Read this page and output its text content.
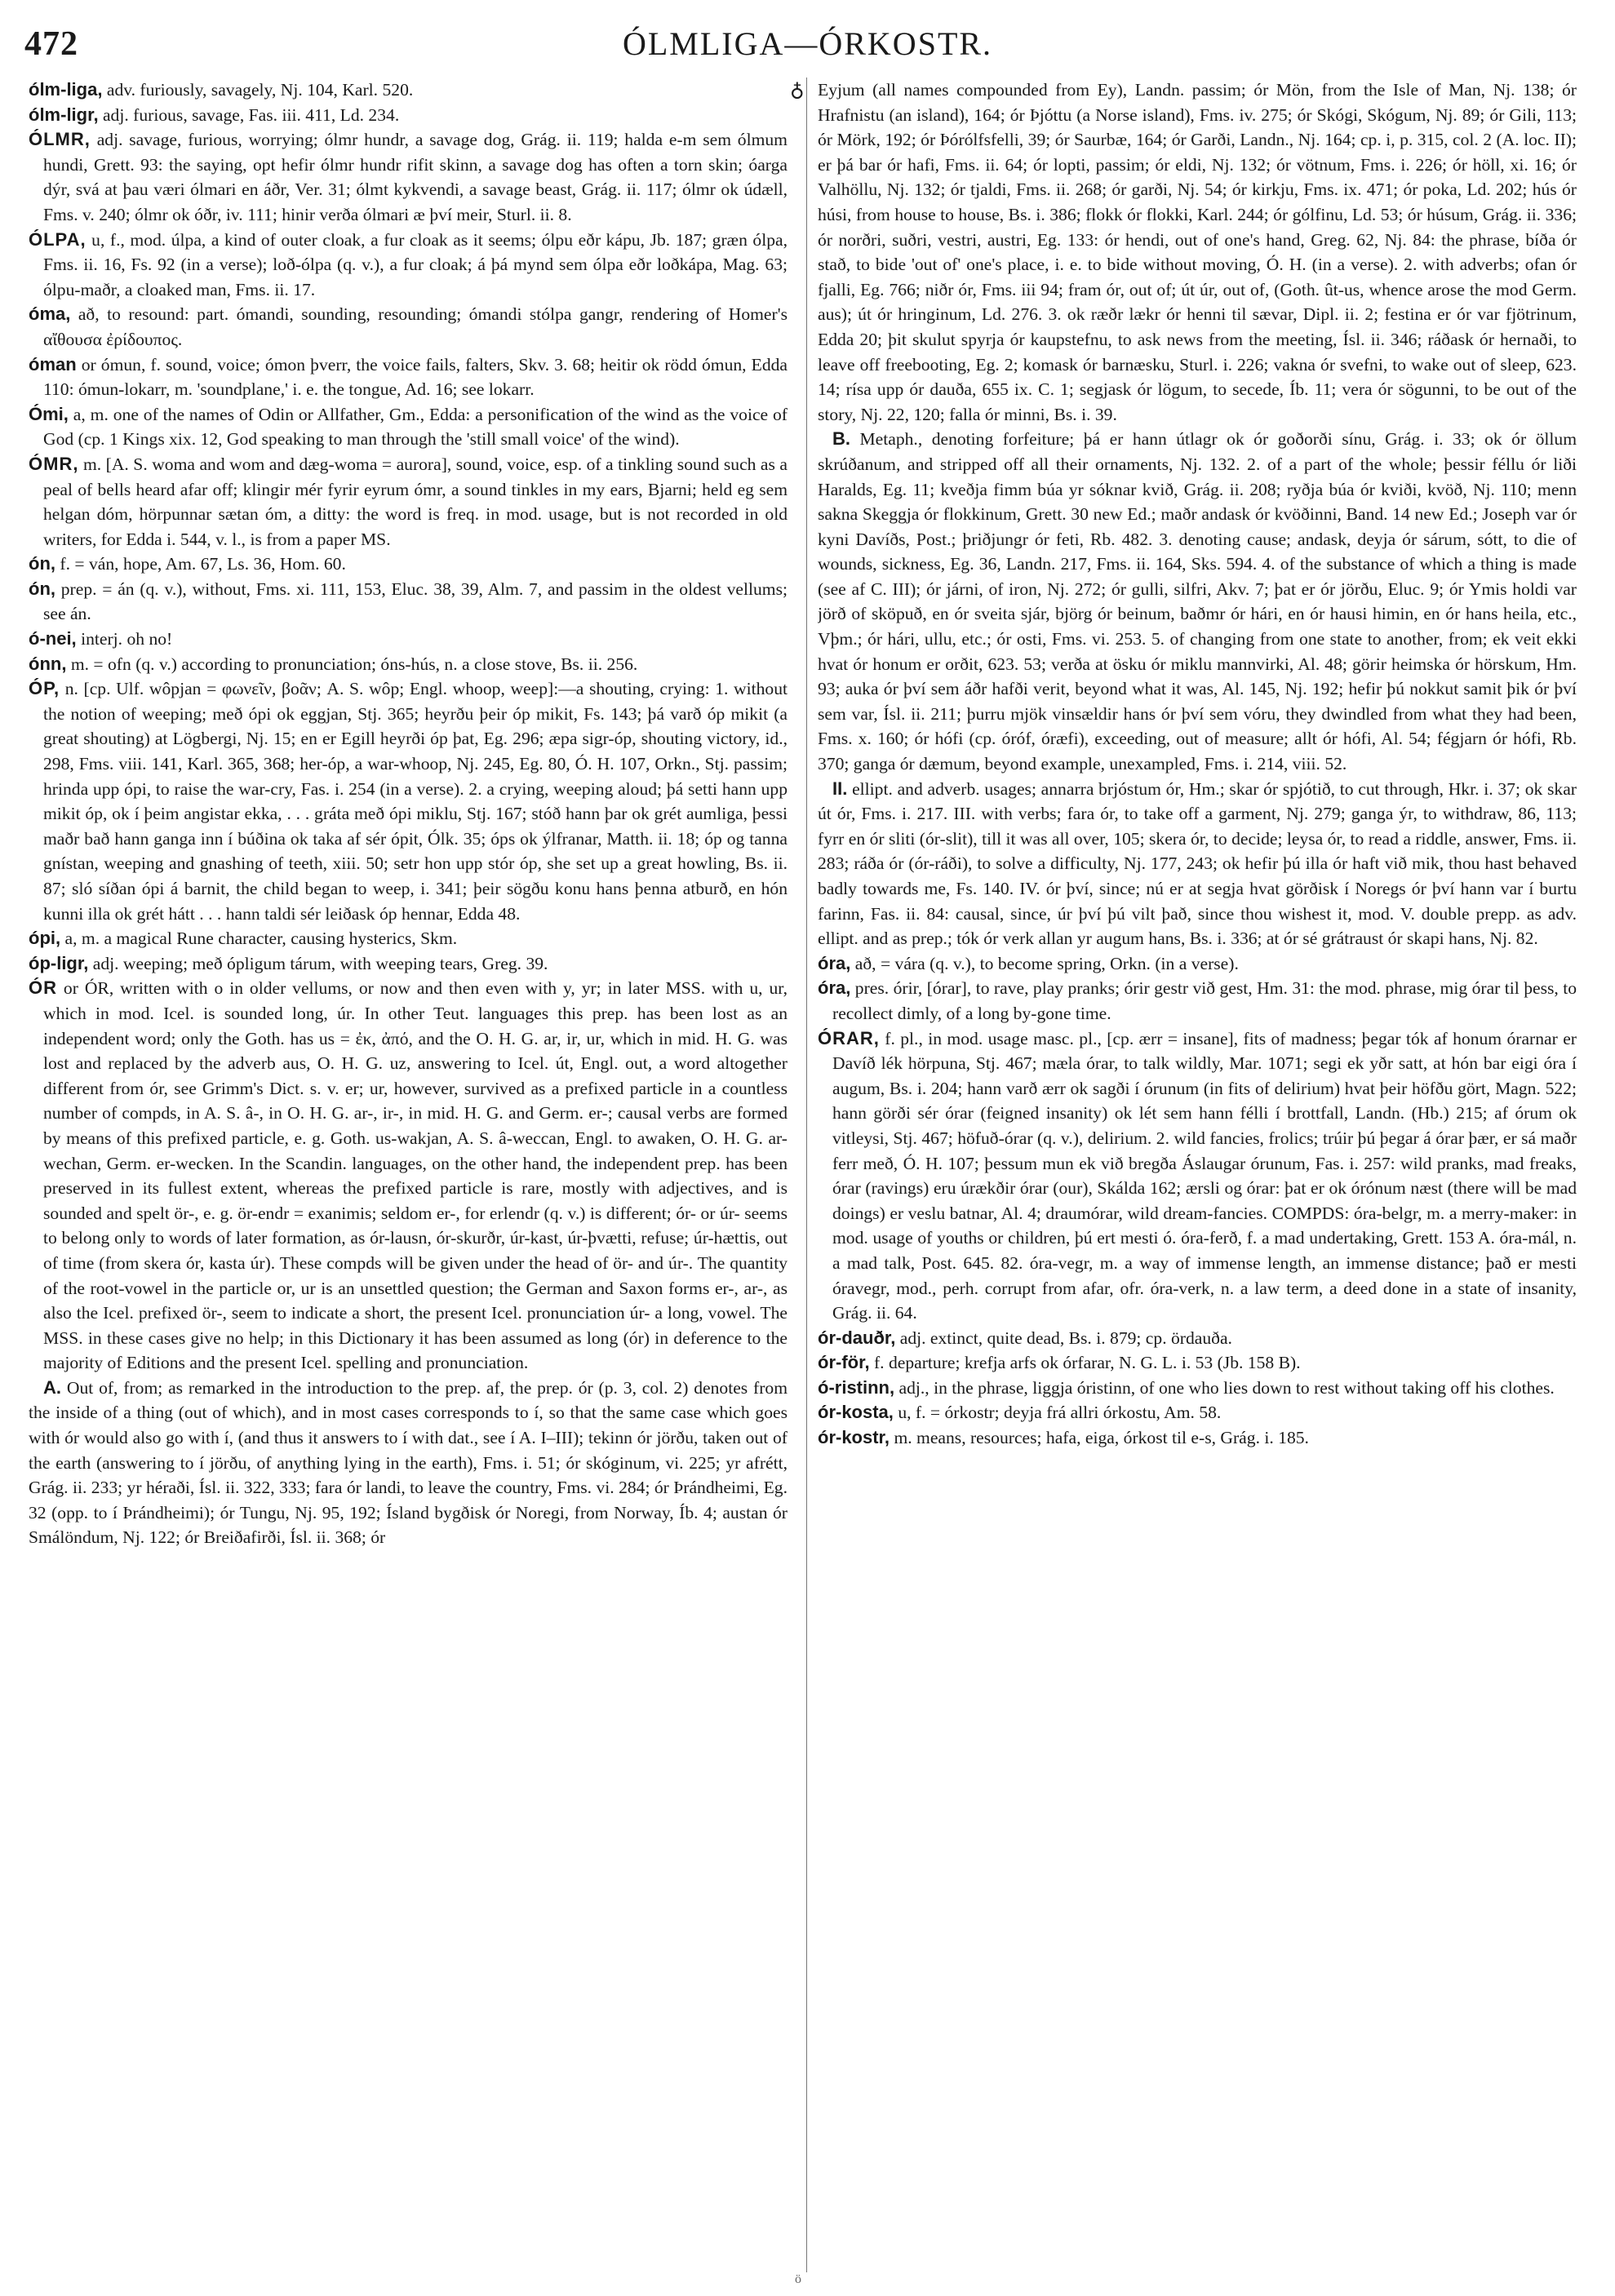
472	ÓLMLIGA—ÓRKOSTR.
♁

ólm-liga, adv. furiously, savagely, Nj. 104, Karl. 520.

ólm-ligr, adj. furious, savage, Fas. iii. 411, Ld. 234.

ÓLMR, adj. savage, furious, worrying; ólmr hundr, a savage dog, Grág. ii. 119; halda e-m sem ólmum hundi, Grett. 93: the saying, opt hefir ólmr hundr rifit skinn, a savage dog has often a torn skin; óarga dýr, svá at þau væri ólmari en áðr, Ver. 31; ólmt kykvendi, a savage beast, Grág. ii. 117; ólmr ok údæll, Fms. v. 240; ólmr ok óðr, iv. 111; hinir verða ólmari æ því meir, Sturl. ii. 8.

ÓLPA, u, f., mod. úlpa, a kind of outer cloak, a fur cloak as it seems; ólpu eðr kápu, Jb. 187; græn ólpa, Fms. ii. 16, Fs. 92 (in a verse); loð-ólpa (q. v.), a fur cloak; á þá mynd sem ólpa eðr loðkápa, Mag. 63; ólpu-maðr, a cloaked man, Fms. ii. 17.

óma, að, to resound: part. ómandi, sounding, resounding; ómandi stólpa gangr, rendering of Homer's αἴθουσα ἐρίδουπος.

óman or ómun, f. sound, voice; ómon þverr, the voice fails, falters, Skv. 3. 68; heitir ok rödd ómun, Edda 110: ómun-lokarr, m. 'soundplane,' i. e. the tongue, Ad. 16; see lokarr.

Ómi, a, m. one of the names of Odin or Allfather, Gm., Edda: a personification of the wind as the voice of God (cp. 1 Kings xix. 12, God speaking to man through the 'still small voice' of the wind).

ÓMR, m. [A. S. woma and wom and dæg-woma = aurora], sound, voice, esp. of a tinkling sound such as a peal of bells heard afar off; klingir mér fyrir eyrum ómr, a sound tinkles in my ears, Bjarni; held eg sem helgan dóm, hörpunnar sætan óm, a ditty: the word is freq. in mod. usage, but is not recorded in old writers, for Edda i. 544, v. l., is from a paper MS.

ón, f. = ván, hope, Am. 67, Ls. 36, Hom. 60.

ón, prep. = án (q. v.), without, Fms. xi. 111, 153, Eluc. 38, 39, Alm. 7, and passim in the oldest vellums; see án.

ó-nei, interj. oh no!

ónn, m. = ofn (q. v.) according to pronunciation; óns-hús, n. a close stove, Bs. ii. 256.

ÓP, n. [cp. Ulf. wôpjan = φωνεῖν, βοᾶν; A. S. wôp; Engl. whoop, weep]:—a shouting, crying: 1. without the notion of weeping; með ópi ok eggjan, Stj. 365; heyrðu þeir óp mikit, Fs. 143; þá varð óp mikit (a great shouting) at Lögbergi, Nj. 15; en er Egill heyrði óp þat, Eg. 296; æpa sigr-óp, shouting victory, id., 298, Fms. viii. 141, Karl. 365, 368; her-óp, a war-whoop, Nj. 245, Eg. 80, Ó. H. 107, Orkn., Stj. passim; hrinda upp ópi, to raise the war-cry, Fas. i. 254 (in a verse). 2. a crying, weeping aloud; þá setti hann upp mikit óp, ok í þeim angistar ekka, . . . gráta með ópi miklu, Stj. 167; stóð hann þar ok grét aumliga, þessi maðr bað hann ganga inn í búðina ok taka af sér ópit, Ólk. 35; óps ok ýlfranar, Matth. ii. 18; óp og tanna gnístan, weeping and gnashing of teeth, xiii. 50; setr hon upp stór óp, she set up a great howling, Bs. ii. 87; sló síðan ópi á barnit, the child began to weep, i. 341; þeir sögðu konu hans þenna atburð, en hón kunni illa ok grét hátt . . . hann taldi sér leiðask óp hennar, Edda 48.

ópi, a, m. a magical Rune character, causing hysterics, Skm.

óp-ligr, adj. weeping; með ópligum tárum, with weeping tears, Greg. 39.

ÓR or ÓR, written with o in older vellums, or now and then even with y, yr; in later MSS. with u, ur, which in mod. Icel. is sounded long, úr. In other Teut. languages this prep. has been lost as an independent word; only the Goth. has us = ἐκ, ἀπό, and the O. H. G. ar, ir, ur, which in mid. H. G. was lost and replaced by the adverb aus, O. H. G. uz, answering to Icel. út, Engl. out, a word altogether different from ór, see Grimm's Dict. s. v. er; ur, however, survived as a prefixed particle in a countless number of compds, in A. S. â-, in O. H. G. ar-, ir-, in mid. H. G. and Germ. er-; causal verbs are formed by means of this prefixed particle, e. g. Goth. us-wakjan, A. S. â-weccan, Engl. to awaken, O. H. G. ar-wechan, Germ. er-wecken. In the Scandin. languages, on the other hand, the independent prep. has been preserved in its fullest extent, whereas the prefixed particle is rare, mostly with adjectives, and is sounded and spelt ör-, e. g. ör-endr = exanimis; seldom er-, for erlendr (q. v.) is different; ór- or úr- seems to belong only to words of later formation, as ór-lausn, ór-skurðr, úr-kast, úr-þvætti, refuse; úr-hættis, out of time (from skera ór, kasta úr). These compds will be given under the head of ör- and úr-. The quantity of the root-vowel in the particle or, ur is an unsettled question; the German and Saxon forms er-, ar-, as also the Icel. prefixed ör-, seem to indicate a short, the present Icel. pronunciation úr- a long, vowel. The MSS. in these cases give no help; in this Dictionary it has been assumed as long (ór) in deference to the majority of Editions and the present Icel. spelling and pronunciation.

A. Out of, from; as remarked in the introduction to the prep. af, the prep. ór (p. 3, col. 2) denotes from the inside of a thing (out of which), and in most cases corresponds to í, so that the same case which goes with ór would also go with í, (and thus it answers to í with dat., see í A. I–III); tekinn ór jörðu, taken out of the earth (answering to í jörðu, of anything lying in the earth), Fms. i. 51; ór skóginum, vi. 225; yr afrétt, Grág. ii. 233; yr héraði, Ísl. ii. 322, 333; fara ór landi, to leave the country, Fms. vi. 284; ór Þrándheimi, Eg. 32 (opp. to í Þrándheimi); ór Tungu, Nj. 95, 192; Ísland bygðisk ór Noregi, from Norway, Íb. 4; austan ór Smálöndum, Nj. 122; ór Breiðafirði, Ísl. ii. 368; ór

Eyjum (all names compounded from Ey), Landn. passim; ór Mön, from the Isle of Man, Nj. 138; ór Hrafnistu (an island), 164; ór Þjóttu (a Norse island), Fms. iv. 275; ór Skógi, Skógum, Nj. 89; ór Gili, 113; ór Mörk, 192; ór Þórólfsfelli, 39; ór Saurbæ, 164; ór Garði, Landn., Nj. 164; cp. i, p. 315, col. 2 (A. loc. II); er þá bar ór hafi, Fms. ii. 64; ór lopti, passim; ór eldi, Nj. 132; ór vötnum, Fms. i. 226; ór höll, xi. 16; ór Valhöllu, Nj. 132; ór tjaldi, Fms. ii. 268; ór garði, Nj. 54; ór kirkju, Fms. ix. 471; ór poka, Ld. 202; hús ór húsi, from house to house, Bs. i. 386; flokk ór flokki, Karl. 244; ór gólfinu, Ld. 53; ór húsum, Grág. ii. 336; ór norðri, suðri, vestri, austri, Eg. 133: ór hendi, out of one's hand, Greg. 62, Nj. 84: the phrase, bíða ór stað, to bide 'out of' one's place, i. e. to bide without moving, Ó. H. (in a verse). 2. with adverbs; ofan ór fjalli, Eg. 766; niðr ór, Fms. iii 94; fram ór, out of; út úr, out of, (Goth. ût-us, whence arose the mod Germ. aus); út ór hringinum, Ld. 276. 3. ok ræðr lækr ór henni til sævar, Dipl. ii. 2; festina er ór var fjötrinum, Edda 20; þit skulut spyrja ór kaupstefnu, to ask news from the meeting, Ísl. ii. 346; ráðask ór hernaði, to leave off freebooting, Eg. 2; komask ór barnæsku, Sturl. i. 226; vakna ór svefni, to wake out of sleep, 623. 14; rísa upp ór dauða, 655 ix. C. 1; segjask ór lögum, to secede, Íb. 11; vera ór sögunni, to be out of the story, Nj. 22, 120; falla ór minni, Bs. i. 39.

B. Metaph., denoting forfeiture; þá er hann útlagr ok ór goðorði sínu, Grág. i. 33; ok ór öllum skrúðanum, and stripped off all their ornaments, Nj. 132. 2. of a part of the whole; þessir féllu ór liði Haralds, Eg. 11; kveðja fimm búa yr sóknar kvið, Grág. ii. 208; ryðja búa ór kviði, kvöð, Nj. 110; menn sakna Skeggja ór flokkinum, Grett. 30 new Ed.; maðr andask ór kvöðinni, Band. 14 new Ed.; Joseph var ór kyni Davíðs, Post.; þriðjungr ór feti, Rb. 482. 3. denoting cause; andask, deyja ór sárum, sótt, to die of wounds, sickness, Eg. 36, Landn. 217, Fms. ii. 164, Sks. 594. 4. of the substance of which a thing is made (see af C. III); ór járni, of iron, Nj. 272; ór gulli, silfri, Akv. 7; þat er ór jörðu, Eluc. 9; ór Ymis holdi var jörð of sköpuð, en ór sveita sjár, björg ór beinum, baðmr ór hári, en ór hausi himin, en ór hans heila, etc., Vþm.; ór hári, ullu, etc.; ór osti, Fms. vi. 253. 5. of changing from one state to another, from; ek veit ekki hvat ór honum er orðit, 623. 53; verða at ösku ór miklu mannvirki, Al. 48; görir heimska ór hörskum, Hm. 93; auka ór því sem áðr hafði verit, beyond what it was, Al. 145, Nj. 192; hefir þú nokkut samit þik ór því sem var, Ísl. ii. 211; þurru mjök vinsældir hans ór því sem vóru, they dwindled from what they had been, Fms. x. 160; ór hófi (cp. óróf, óræfi), exceeding, out of measure; allt ór hófi, Al. 54; fégjarn ór hófi, Rb. 370; ganga ór dæmum, beyond example, unexampled, Fms. i. 214, viii. 52.

II. ellipt. and adverb. usages; annarra brjóstum ór, Hm.; skar ór spjótið, to cut through, Hkr. i. 37; ok skar út ór, Fms. i. 217. III. with verbs; fara ór, to take off a garment, Nj. 279; ganga ýr, to withdraw, 86, 113; fyrr en ór sliti (ór-slit), till it was all over, 105; skera ór, to decide; leysa ór, to read a riddle, answer, Fms. ii. 283; ráða ór (ór-ráði), to solve a difficulty, Nj. 177, 243; ok hefir þú illa ór haft við mik, thou hast behaved badly towards me, Fs. 140. IV. ór því, since; nú er at segja hvat görðisk í Noregs ór því hann var í burtu farinn, Fas. ii. 84: causal, since, úr því þú vilt það, since thou wishest it, mod. V. double prepp. as adv. ellipt. and as prep.; tók ór verk allan yr augum hans, Bs. i. 336; at ór sé grátraust ór skapi hans, Nj. 82.

óra, að, = vára (q. v.), to become spring, Orkn. (in a verse).

óra, pres. órir, [órar], to rave, play pranks; órir gestr við gest, Hm. 31: the mod. phrase, mig órar til þess, to recollect dimly, of a long by-gone time.

ÓRAR, f. pl., in mod. usage masc. pl., [cp. ærr = insane], fits of madness; þegar tók af honum órarnar er Davíð lék hörpuna, Stj. 467; mæla órar, to talk wildly, Mar. 1071; segi ek yðr satt, at hón bar eigi óra í augum, Bs. i. 204; hann varð ærr ok sagði í órunum (in fits of delirium) hvat þeir höfðu gört, Magn. 522; hann görði sér órar (feigned insanity) ok lét sem hann félli í brottfall, Landn. (Hb.) 215; af órum ok vitleysi, Stj. 467; höfuð-órar (q. v.), delirium. 2. wild fancies, frolics; trúir þú þegar á órar þær, er sá maðr ferr með, Ó. H. 107; þessum mun ek við bregða Áslaugar órunum, Fas. i. 257: wild pranks, mad freaks, órar (ravings) eru úrækðir órar (our), Skálda 162; ærsli og órar: þat er ok órónum næst (there will be mad doings) er veslu batnar, Al. 4; draumórar, wild dream-fancies. COMPDS: óra-belgr, m. a merry-maker: in mod. usage of youths or children, þú ert mesti ó. óra-ferð, f. a mad undertaking, Grett. 153 A. óra-mál, n. a mad talk, Post. 645. 82. óra-vegr, m. a way of immense length, an immense distance; það er mesti óravegr, mod., perh. corrupt from afar, ofr. óra-verk, n. a law term, a deed done in a state of insanity, Grág. ii. 64.

ór-dauðr, adj. extinct, quite dead, Bs. i. 879; cp. ördauða.

ór-för, f. departure; krefja arfs ok órfarar, N. G. L. i. 53 (Jb. 158 B).

ó-ristinn, adj., in the phrase, liggja óristinn, of one who lies down to rest without taking off his clothes.

ór-kosta, u, f. = órkostr; deyja frá allri órkostu, Am. 58.

ór-kostr, m. means, resources; hafa, eiga, órkost til e-s, Grág. i. 185.

ö
